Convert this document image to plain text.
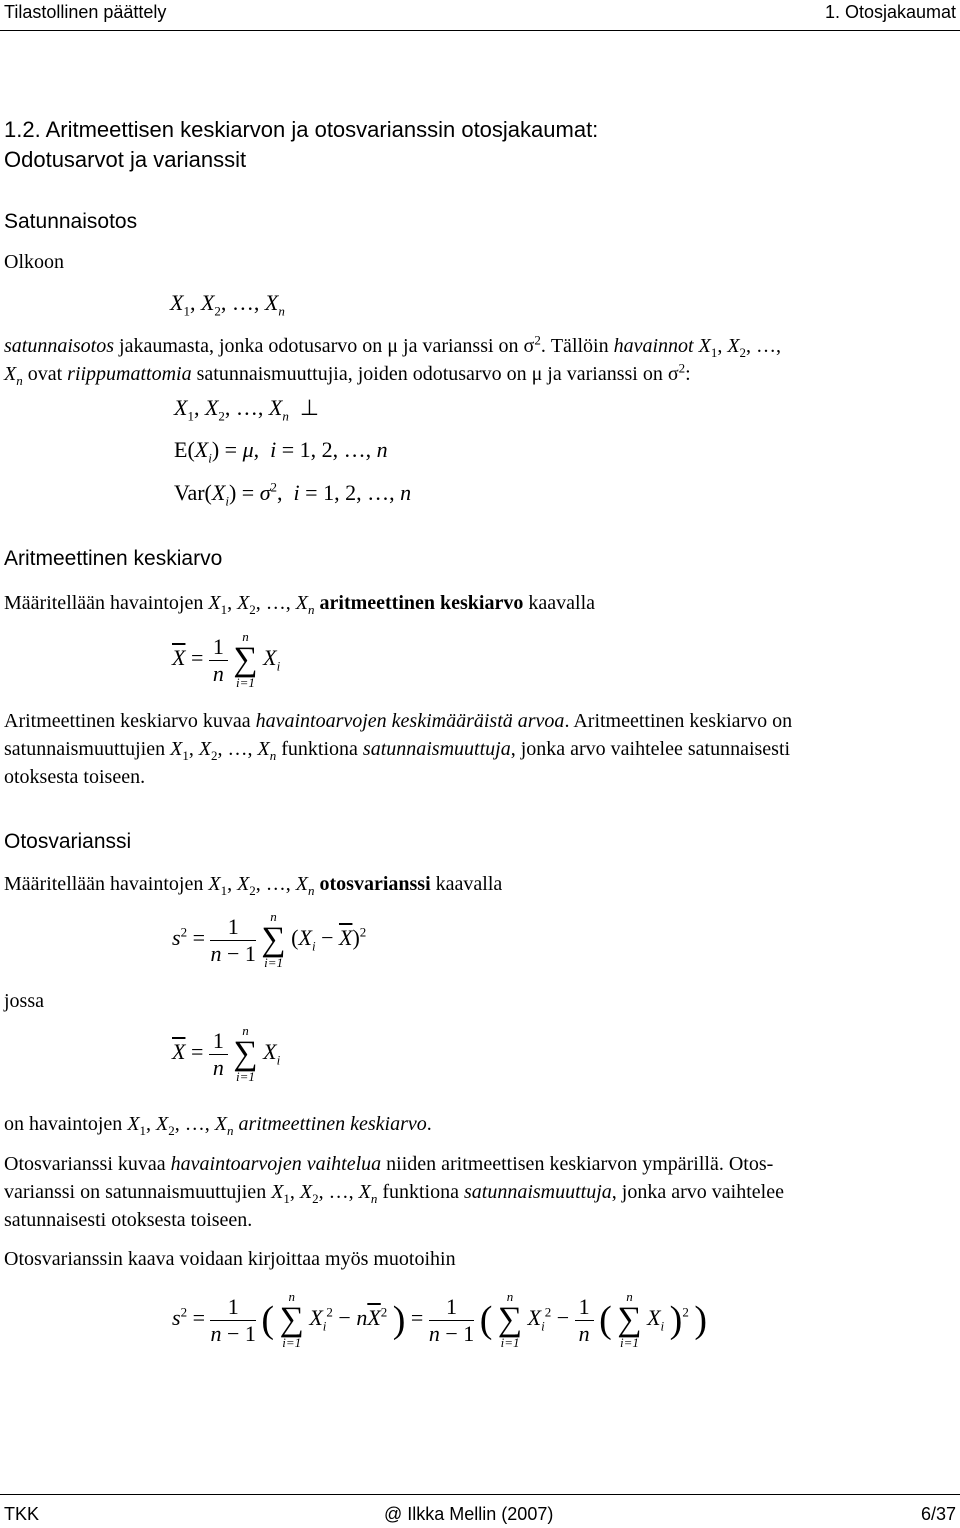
Tilastollinen päättely	1. Otosjakaumat
1.2. Aritmeettisen keskiarvon ja otosvarianssin otosjakaumat:
Odotusarvot ja varianssit
Satunnaisotos
Olkoon
$X_1$, $X_2$, …, $X_n$
satunnaisotos jakaumasta, jonka odotusarvo on μ ja varianssi on $\sigma^2$. Tällöin havainnot $X_1$, $X_2$, …,
$X_n$ ovat riippumattomia satunnaismuuttujia, joiden odotusarvo on μ ja varianssi on $\sigma^2$:
$X_1$, $X_2$, …, $X_n$  ⊥
$E(X_i) = \mu$,  i = 1, 2, …, n
$Var(X_i) = \sigma^2$,  i = 1, 2, …, n
Aritmeettinen keskiarvo
Määritellään havaintojen $X_1$, $X_2$, …, $X_n$ aritmeettinen keskiarvo kaavalla
$\overline{X} = \frac{1}{n}$
	n
∑
i=1
$X_i$
Aritmeettinen keskiarvo kuvaa havaintoarvojen keskimääräistä arvoa. Aritmeettinen keskiarvo on
satunnaismuuttujien $X_1$, $X_2$, …, $X_n$ funktiona satunnaismuuttuja, jonka arvo vaihtelee satunnaisesti
otoksesta toiseen.
Otosvarianssi
Määritellään havaintojen $X_1$, $X_2$, …, $X_n$ otosvarianssi kaavalla
$s^2 = \frac{1}{n - 1}$
	n
∑
i=1
$(X_i - \overline{X})^2$
jossa
$\overline{X} = \frac{1}{n}$
	n
∑
i=1
$X_i$
on havaintojen $X_1$, $X_2$, …, $X_n$ aritmeettinen keskiarvo.
Otosvarianssi kuvaa havaintoarvojen vaihtelua niiden aritmeettisen keskiarvon ympärillä. Otos-
varianssi on satunnaismuuttujien $X_1$, $X_2$, …, $X_n$ funktiona satunnaismuuttuja, jonka arvo vaihtelee
satunnaisesti otoksesta toiseen.
Otosvarianssin kaava voidaan kirjoittaa myös muotoihin
$s^2 = \frac{1}{n - 1}$ (
n
∑
i=1
$X_i^2 - n\overline{X}^2$ ) = $\frac{1}{n - 1}$ (
n
∑
i=1
$X_i^2 - \frac{1}{n}$ (
n
∑
i=1
$X_i$ )$^2$ )
TKK	@ Ilkka Mellin (2007)	6/37
